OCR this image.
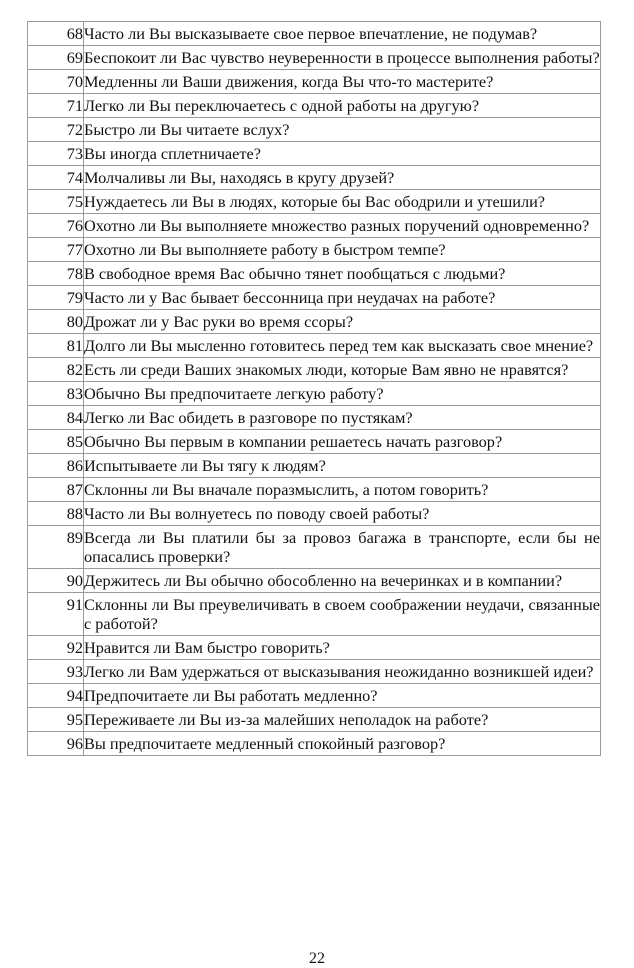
68	Часто ли Вы высказываете свое первое впечатление, не подумав?
69	Беспокоит ли Вас чувство неуверенности в процессе выполнения работы?
70	Медленны ли Ваши движения, когда Вы что-то мастерите?
71	Легко ли Вы переключаетесь с одной работы на другую?
72	Быстро ли Вы читаете вслух?
73	Вы иногда сплетничаете?
74	Молчаливы ли Вы, находясь в кругу друзей?
75	Нуждаетесь ли Вы в людях, которые бы Вас ободрили и утешили?
76	Охотно ли Вы выполняете множество разных поручений одновременно?
77	Охотно ли Вы выполняете работу в быстром темпе?
78	В свободное время Вас обычно тянет пообщаться с людьми?
79	Часто ли у Вас бывает бессонница при неудачах на работе?
80	Дрожат ли у Вас руки во время ссоры?
81	Долго ли Вы мысленно готовитесь перед тем как высказать свое мнение?
82	Есть ли среди Ваших знакомых люди, которые Вам явно не нравятся?
83	Обычно Вы предпочитаете легкую работу?
84	Легко ли Вас обидеть в разговоре по пустякам?
85	Обычно Вы первым в компании решаетесь начать разговор?
86	Испытываете ли Вы тягу к людям?
87	Склонны ли Вы вначале поразмыслить, а потом говорить?
88	Часто ли Вы волнуетесь по поводу своей работы?
89	Всегда ли Вы платили бы за провоз багажа в транспорте, если бы не опасались проверки?
90	Держитесь ли Вы обычно обособленно на вечеринках и в компании?
91	Склонны ли Вы преувеличивать в своем соображении неудачи, связанные с работой?
92	Нравится ли Вам быстро говорить?
93	Легко ли Вам удержаться от высказывания неожиданно возникшей идеи?
94	Предпочитаете ли Вы работать медленно?
95	Переживаете ли Вы из-за малейших неполадок на работе?
96	Вы предпочитаете медленный спокойный разговор?
22
